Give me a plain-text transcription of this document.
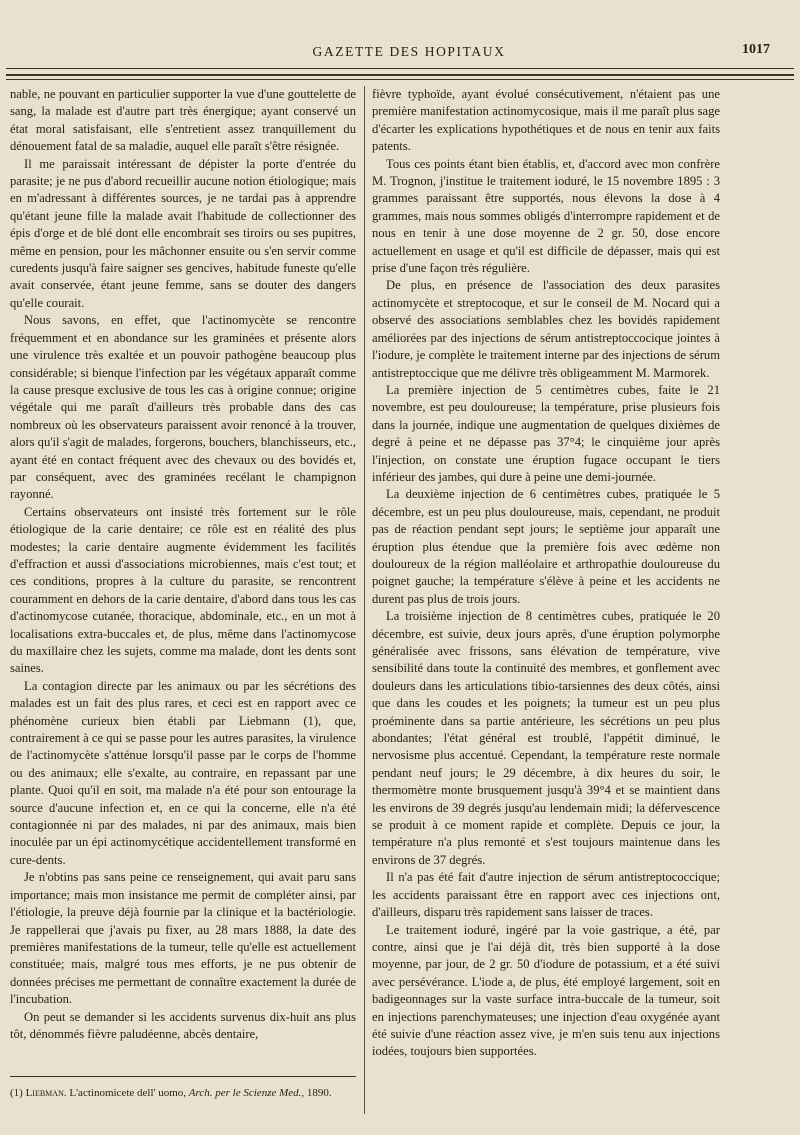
GAZETTE DES HOPITAUX	1017

nable, ne pouvant en particulier supporter la vue d'une gouttelette de sang, la malade est d'autre part très énergique; ayant conservé un état moral satisfaisant, elle s'entretient assez tranquillement du dénouement fatal de sa maladie, auquel elle paraît s'être résignée.

Il me paraissait intéressant de dépister la porte d'entrée du parasite; je ne pus d'abord recueillir aucune notion étiologique; mais en m'adressant à différentes sources, je ne tardai pas à apprendre qu'étant jeune fille la malade avait l'habitude de collectionner des épis d'orge et de blé dont elle encombrait ses tiroirs ou ses pupitres, même en pension, pour les mâchonner ensuite ou s'en servir comme curedents jusqu'à faire saigner ses gencives, habitude funeste qu'elle avait conservée, étant jeune femme, sans se douter des dangers qu'elle courait.

Nous savons, en effet, que l'actinomycète se rencontre fréquemment et en abondance sur les graminées et présente alors une virulence très exaltée et un pouvoir pathogène beaucoup plus considérable; si bienque l'infection par les végétaux apparaît comme la cause presque exclusive de tous les cas à origine connue; origine végétale qui me paraît d'ailleurs très probable dans des cas nombreux où les observateurs paraissent avoir renoncé à la trouver, alors qu'il s'agit de malades, forgerons, bouchers, blanchisseurs, etc., ayant été en contact fréquent avec des chevaux ou des bovidés et, par conséquent, avec des graminées recélant le champignon rayonné.

Certains observateurs ont insisté très fortement sur le rôle étiologique de la carie dentaire; ce rôle est en réalité des plus modestes; la carie dentaire augmente évidemment les facilités d'effraction et aussi d'associations microbiennes, mais c'est tout; et ces conditions, propres à la culture du parasite, se rencontrent couramment en dehors de la carie dentaire, d'abord dans tous les cas d'actinomycose cutanée, thoracique, abdominale, etc., en un mot à localisations extra-buccales et, de plus, même dans l'actinomycose du maxillaire chez les sujets, comme ma malade, dont les dents sont saines.

La contagion directe par les animaux ou par les sécrétions des malades est un fait des plus rares, et ceci est en rapport avec ce phénomène curieux bien établi par Liebmann (1), que, contrairement à ce qui se passe pour les autres parasites, la virulence de l'actinomycète s'atténue lorsqu'il passe par le corps de l'homme ou des animaux; elle s'exalte, au contraire, en repassant par une plante. Quoi qu'il en soit, ma malade n'a été pour son entourage la source d'aucune infection et, en ce qui la concerne, elle n'a été contagionnée ni par des malades, ni par des animaux, mais bien inoculée par un épi actinomycétique accidentellement transformé en cure-dents.

Je n'obtins pas sans peine ce renseignement, qui avait paru sans importance; mais mon insistance me permit de compléter ainsi, par l'étiologie, la preuve déjà fournie par la clinique et la bactériologie. Je rappellerai que j'avais pu fixer, au 28 mars 1888, la date des premières manifestations de la tumeur, telle qu'elle est actuellement constituée; mais, malgré tous mes efforts, je ne pus obtenir de données précises me permettant de connaître exactement la durée de l'incubation.

On peut se demander si les accidents survenus dix-huit ans plus tôt, dénommés fièvre paludéenne, abcès dentaire,

fièvre typhoïde, ayant évolué consécutivement, n'étaient pas une première manifestation actinomycosique, mais il me paraît plus sage d'écarter les explications hypothétiques et de nous en tenir aux faits patents.

Tous ces points étant bien établis, et, d'accord avec mon confrère M. Trognon, j'institue le traitement ioduré, le 15 novembre 1895 : 3 grammes paraissant être supportés, nous élevons la dose à 4 grammes, mais nous sommes obligés d'interrompre rapidement et de nous en tenir à une dose moyenne de 2 gr. 50, dose encore actuellement en usage et qu'il est difficile de dépasser, mais qui est prise d'une façon très régulière.

De plus, en présence de l'association des deux parasites actinomycète et streptocoque, et sur le conseil de M. Nocard qui a observé des associations semblables chez les bovidés rapidement améliorées par des injections de sérum antistreptoccocique jointes à l'iodure, je complète le traitement interne par des injections de sérum antistreptoccique que me délivre très obligeamment M. Marmorek.

La première injection de 5 centimètres cubes, faite le 21 novembre, est peu douloureuse; la température, prise plusieurs fois dans la journée, indique une augmentation de quelques dixièmes de degré à peine et ne dépasse pas 37°4; le cinquième jour après l'injection, on constate une éruption fugace occupant le tiers inférieur des jambes, qui dure à peine une demi-journée.

La deuxième injection de 6 centimètres cubes, pratiquée le 5 décembre, est un peu plus douloureuse, mais, cependant, ne produit pas de réaction pendant sept jours; le septième jour apparaît une éruption plus étendue que la première fois avec œdème non douloureux de la région malléolaire et arthropathie douloureuse du poignet gauche; la température s'élève à peine et les accidents ne durent pas plus de trois jours.

La troisième injection de 8 centimètres cubes, pratiquée le 20 décembre, est suivie, deux jours après, d'une éruption polymorphe généralisée avec frissons, sans élévation de température, vive sensibilité dans toute la continuité des membres, et gonflement avec douleurs dans les articulations tibio-tarsiennes des deux côtés, ainsi que dans les coudes et les poignets; la tumeur est un peu plus proéminente dans sa partie antérieure, les sécrétions un peu plus abondantes; l'état général est troublé, l'appétit diminué, le nervosisme plus accentué. Cependant, la température reste normale pendant neuf jours; le 29 décembre, à dix heures du soir, le thermomètre monte brusquement jusqu'à 39°4 et se maintient dans les environs de 39 degrés jusqu'au lendemain midi; la défervescence se produit à ce moment rapide et complète. Depuis ce jour, la température n'a plus remonté et s'est toujours maintenue dans les environs de 37 degrés.

Il n'a pas été fait d'autre injection de sérum antistreptococcique; les accidents paraissant être en rapport avec ces injections ont, d'ailleurs, disparu très rapidement sans laisser de traces.

Le traitement ioduré, ingéré par la voie gastrique, a été, par contre, ainsi que je l'ai déjà dit, très bien supporté à la dose moyenne, par jour, de 2 gr. 50 d'iodure de potassium, et a été suivi avec persévérance. L'iode a, de plus, été employé largement, soit en badigeonnages sur la vaste surface intra-buccale de la tumeur, soit en injections parenchymateuses; une injection d'eau oxygénée ayant été suivie d'une réaction assez vive, je m'en suis tenu aux injections iodées, toujours bien supportées.

(1) Liebman. L'actinomicete dell' uomo, Arch. per le Scienze Med., 1890.
